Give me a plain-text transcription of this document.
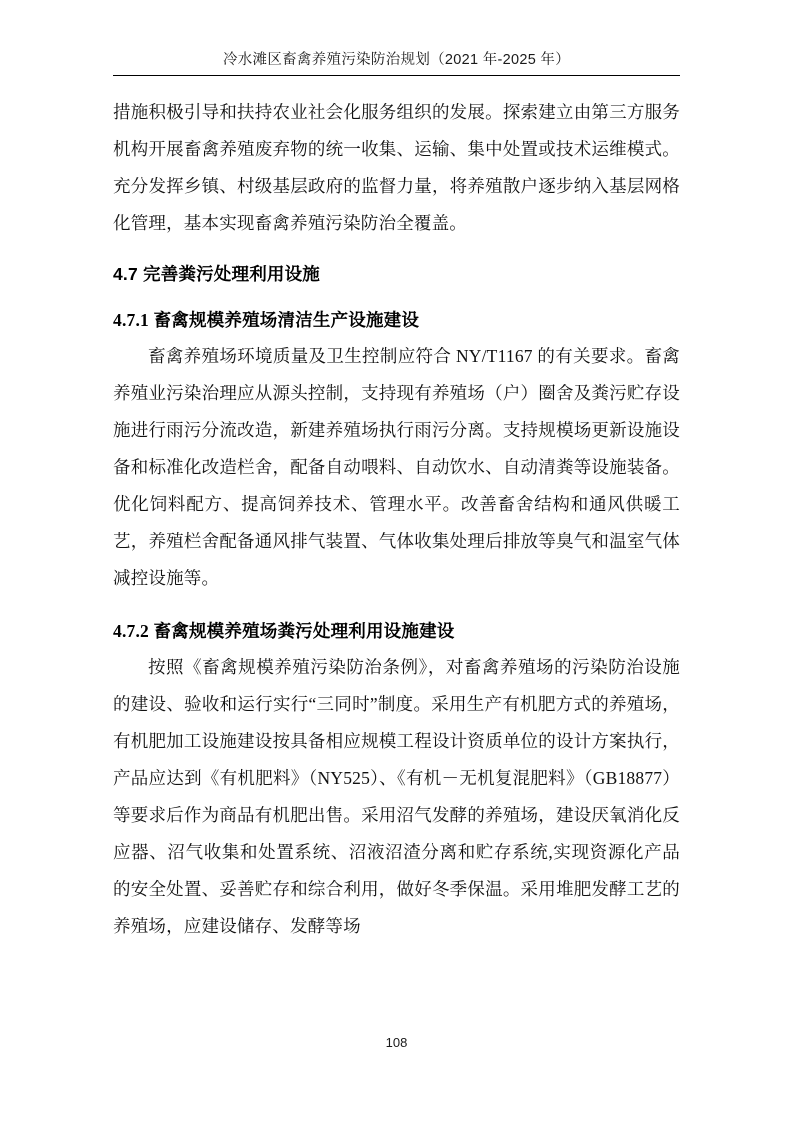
冷水滩区畜禽养殖污染防治规划（2021 年-2025 年）

措施积极引导和扶持农业社会化服务组织的发展。探索建立由第三方服务机构开展畜禽养殖废弃物的统一收集、运输、集中处置或技术运维模式。充分发挥乡镇、村级基层政府的监督力量，将养殖散户逐步纳入基层网格化管理，基本实现畜禽养殖污染防治全覆盖。

4.7 完善粪污处理利用设施
4.7.1 畜禽规模养殖场清洁生产设施建设

畜禽养殖场环境质量及卫生控制应符合 NY/T1167 的有关要求。畜禽养殖业污染治理应从源头控制，支持现有养殖场（户）圈舍及粪污贮存设施进行雨污分流改造，新建养殖场执行雨污分离。支持规模场更新设施设备和标准化改造栏舍，配备自动喂料、自动饮水、自动清粪等设施装备。优化饲料配方、提高饲养技术、管理水平。改善畜舍结构和通风供暖工艺，养殖栏舍配备通风排气装置、气体收集处理后排放等臭气和温室气体减控设施等。

4.7.2 畜禽规模养殖场粪污处理利用设施建设

按照《畜禽规模养殖污染防治条例》，对畜禽养殖场的污染防治设施的建设、验收和运行实行“三同时”制度。采用生产有机肥方式的养殖场，有机肥加工设施建设按具备相应规模工程设计资质单位的设计方案执行，产品应达到《有机肥料》（NY525）、《有机－无机复混肥料》（GB18877）等要求后作为商品有机肥出售。采用沼气发酵的养殖场，建设厌氧消化反应器、沼气收集和处置系统、沼液沼渣分离和贮存系统,实现资源化产品的安全处置、妥善贮存和综合利用，做好冬季保温。采用堆肥发酵工艺的养殖场，应建设储存、发酵等场

108
